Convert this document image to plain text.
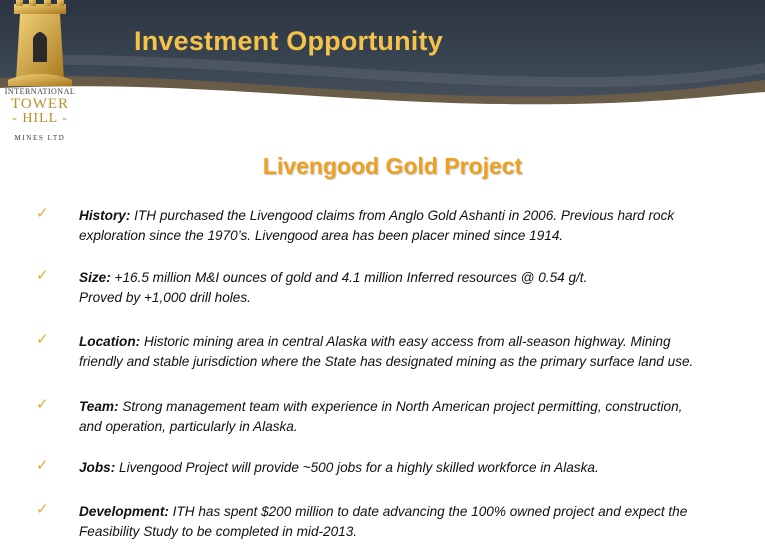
Investment Opportunity
INTERNATIONAL
TOWER
- HILL -
MINES LTD
Livengood Gold Project
✓ History: ITH purchased the Livengood claims from Anglo Gold Ashanti in 2006. Previous hard rock
exploration since the 1970’s. Livengood area has been placer mined since 1914.
✓ Size: +16.5 million M&I ounces of gold and 4.1 million Inferred resources @ 0.54 g/t.
Proved by +1,000 drill holes.
✓ Location: Historic mining area in central Alaska with easy access from all-season highway. Mining
friendly and stable jurisdiction where the State has designated mining as the primary surface land use.
✓ Team: Strong management team with experience in North American project permitting, construction,
and operation, particularly in Alaska.
✓ Jobs: Livengood Project will provide ~500 jobs for a highly skilled workforce in Alaska.
✓ Development: ITH has spent $200 million to date advancing the 100% owned project and expect the
Feasibility Study to be completed in mid-2013.
